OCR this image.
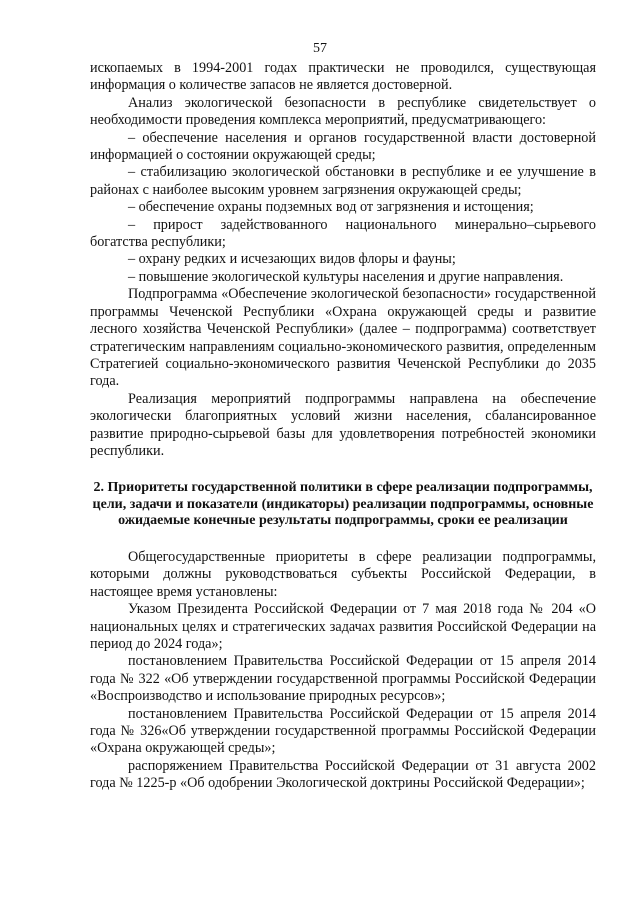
57

ископаемых в 1994-2001 годах практически не проводился, существующая информация о количестве запасов не является достоверной.

Анализ экологической безопасности в республике свидетельствует о необходимости проведения комплекса мероприятий, предусматривающего:

– обеспечение населения и органов государственной власти достоверной информацией о состоянии окружающей среды;

– стабилизацию экологической обстановки в республике и ее улучшение в районах с наиболее высоким уровнем загрязнения окружающей среды;

– обеспечение охраны подземных вод от загрязнения и истощения;

– прирост задействованного национального минерально–сырьевого богатства республики;

– охрану редких и исчезающих видов флоры и фауны;

– повышение экологической культуры населения и другие направления.

Подпрограмма «Обеспечение экологической безопасности» государственной программы Чеченской Республики «Охрана окружающей среды и развитие лесного хозяйства Чеченской Республики» (далее – подпрограмма) соответствует стратегическим направлениям социально-экономического развития, определенным Стратегией социально-экономического развития Чеченской Республики до 2035 года.

Реализация мероприятий подпрограммы направлена на обеспечение экологически благоприятных условий жизни населения, сбалансированное развитие природно-сырьевой базы для удовлетворения потребностей экономики республики.

2. Приоритеты государственной политики в сфере реализации подпрограммы, цели, задачи и показатели (индикаторы) реализации подпрограммы, основные ожидаемые конечные результаты подпрограммы, сроки ее реализации

Общегосударственные приоритеты в сфере реализации подпрограммы, которыми должны руководствоваться субъекты Российской Федерации, в настоящее время установлены:

Указом Президента Российской Федерации от 7 мая 2018 года № 204 «О национальных целях и стратегических задачах развития Российской Федерации на период до 2024 года»;

постановлением Правительства Российской Федерации от 15 апреля 2014 года № 322 «Об утверждении государственной программы Российской Федерации «Воспроизводство и использование природных ресурсов»;

постановлением Правительства Российской Федерации от 15 апреля 2014 года № 326«Об утверждении государственной программы Российской Федерации «Охрана окружающей среды»;

распоряжением Правительства Российской Федерации от 31 августа 2002 года № 1225-р «Об одобрении Экологической доктрины Российской Федерации»;
